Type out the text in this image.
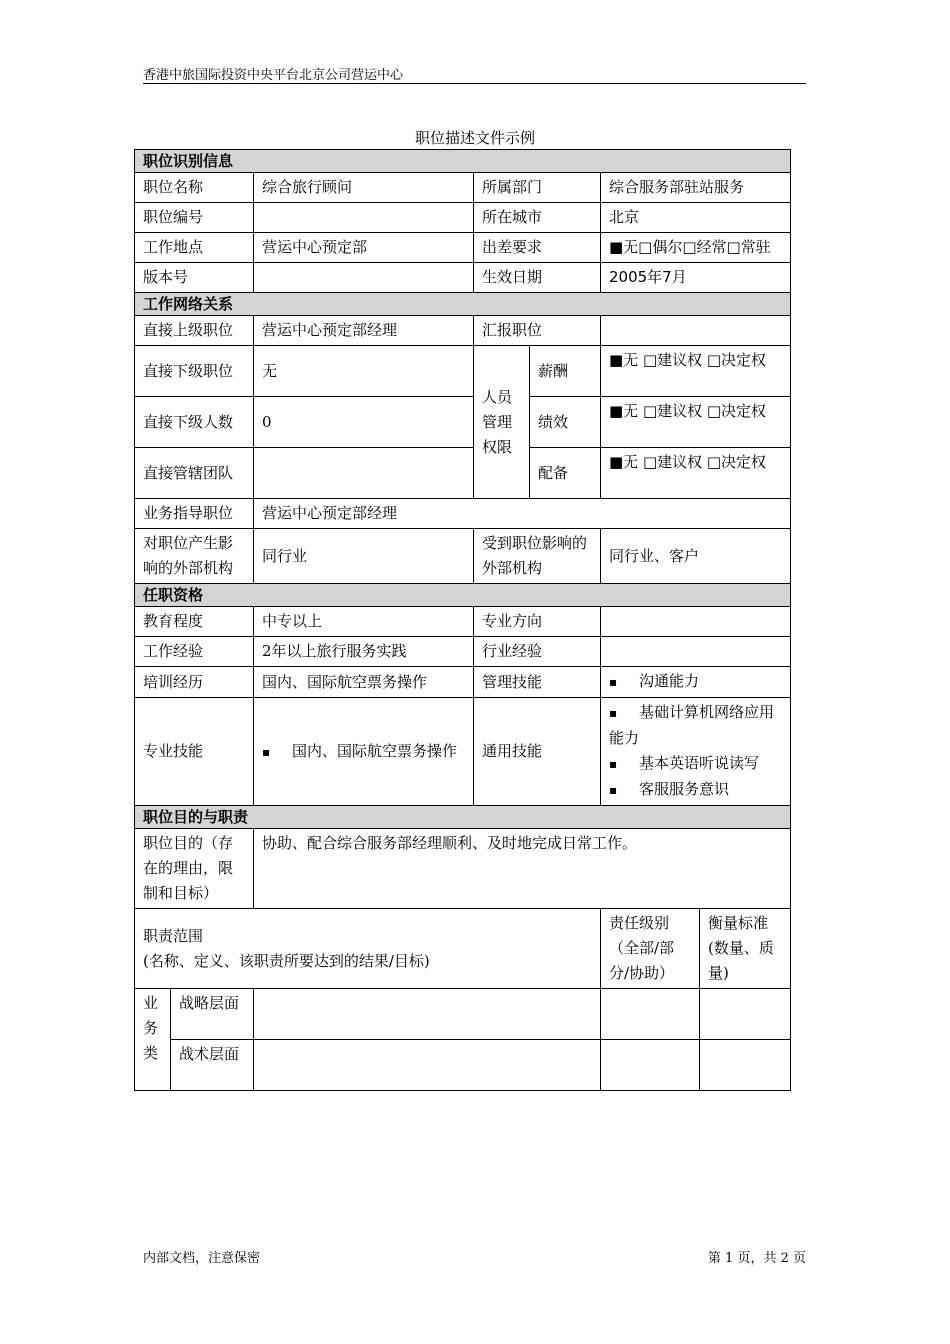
香港中旅国际投资中央平台北京公司营运中心
职位描述文件示例
职位识别信息						
职位名称		综合旅行顾问	所属部门		综合服务部驻站服务	
职位编号			所在城市		北京	
工作地点		营运中心预定部	出差要求		■无□偶尔□经常□常驻	
版本号			生效日期		2005年7月	
工作网络关系						
直接上级职位		营运中心预定部经理	汇报职位			
直接下级职位		无	人员管理权限	薪酬	■无 □建议权 □决定权	
直接下级人数		0		绩效	■无 □建议权 □决定权	
直接管辖团队				配备	■无 □建议权 □决定权	
业务指导职位		营运中心预定部经理				
对职位产生影响的外部机构		同行业	受到职位影响的外部机构		同行业、客户	
任职资格						
教育程度		中专以上	专业方向			
工作经验		2年以上旅行服务实践	行业经验			
培训经历		国内、国际航空票务操作	管理技能		▪ 沟通能力

专业技能		▪ 国内、国际航空票务操作	通用技能		▪ 基础计算机网络应用能力
▪ 基本英语听说读写
▪ 客服服务意识

职位目的与职责						
职位目的（存在的理由，限制和目标）		协助、配合综合服务部经理顺利、及时地完成日常工作。				

职责范围
(名称、定义、该职责所要达到的结果/目标)					责任级别（全部/部分/协助）	衡量标准(数量、质量)
业务类	战略层面					
	战术层面					
内部文档，注意保密	第 1 页，共 2 页
